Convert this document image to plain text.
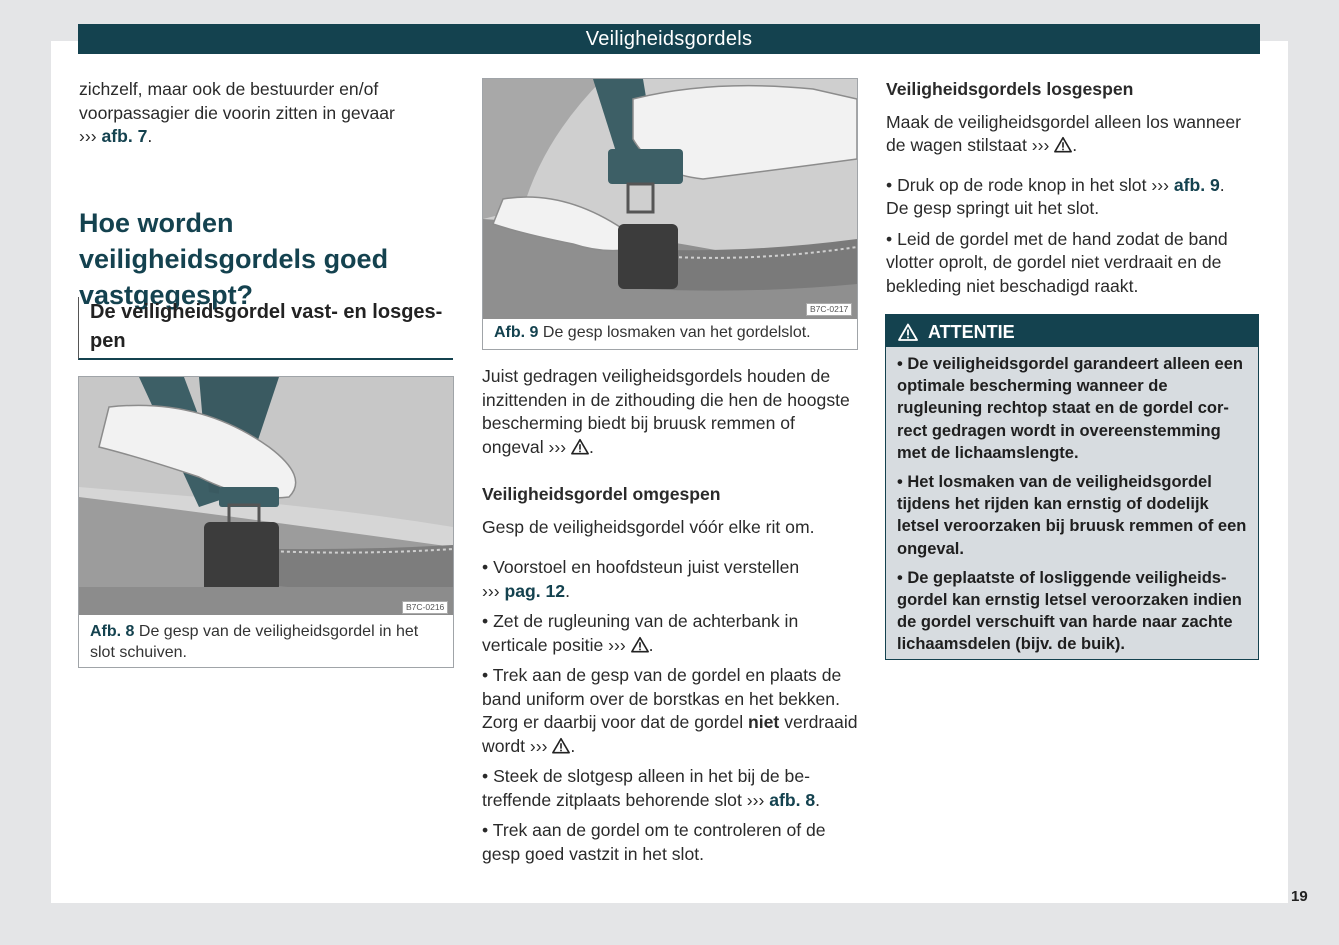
Veiligheidsgordels
zichzelf, maar ook de bestuurder en/of voorpassagier die voorin zitten in gevaar
››› afb. 7.
Hoe worden veiligheidsgordels goed vastgegespt?
De veiligheidsgordel vast- en losgespen
B7C-0216
Afb. 8 De gesp van de veiligheidsgordel in het slot schuiven.
B7C-0217
Afb. 9 De gesp losmaken van het gordelslot.
Juist gedragen veiligheidsgordels houden de inzittenden in de zithouding die hen de hoogste bescherming biedt bij bruusk remmen of ongeval ››› .
Veiligheidsgordel omgespen
Gesp de veiligheidsgordel vóór elke rit om.
• Voorstoel en hoofdsteun juist verstellen
››› pag. 12.
• Zet de rugleuning van de achterbank in verticale positie ››› .
• Trek aan de gesp van de gordel en plaats de band uniform over de borstkas en het bekken. Zorg er daarbij voor dat de gordel niet verdraaid wordt ››› .
• Steek de slotgesp alleen in het bij de betreffende zitplaats behorende slot ››› afb. 8.
• Trek aan de gordel om te controleren of de gesp goed vastzit in het slot.
Veiligheidsgordels losgespen
Maak de veiligheidsgordel alleen los wanneer de wagen stilstaat ››› .
• Druk op de rode knop in het slot ››› afb. 9.
De gesp springt uit het slot.
• Leid de gordel met de hand zodat de band vlotter oprolt, de gordel niet verdraait en de bekleding niet beschadigd raakt.
ATTENTIE

• De veiligheidsgordel garandeert alleen een optimale bescherming wanneer de rugleuning rechtop staat en de gordel correct gedragen wordt in overeenstemming met de lichaamslengte.

• Het losmaken van de veiligheidsgordel tijdens het rijden kan ernstig of dodelijk letsel veroorzaken bij bruusk remmen of een ongeval.

• De geplaatste of losliggende veiligheidsgordel kan ernstig letsel veroorzaken indien de gordel verschuift van harde naar zachte lichaamsdelen (bijv. de buik).

19
